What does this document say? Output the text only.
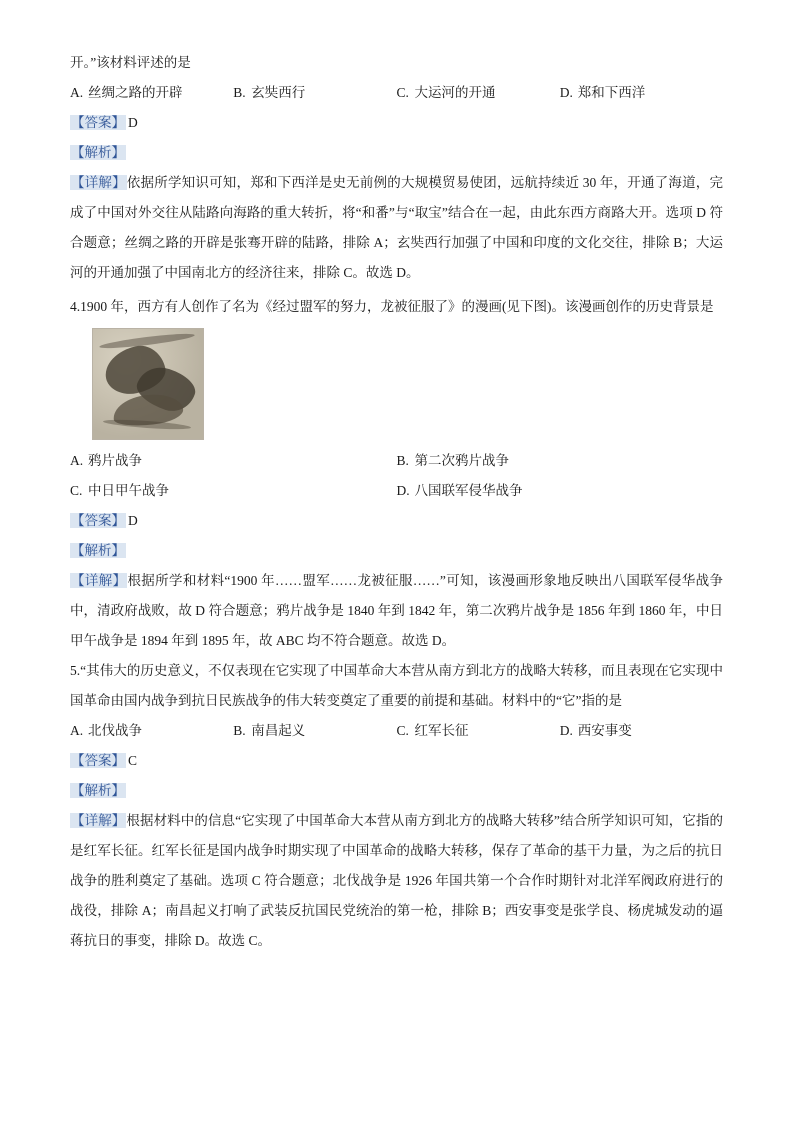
开。”该材料评述的是
A. 丝绸之路的开辟	B. 玄奘西行	C. 大运河的开通	D. 郑和下西洋
【答案】 D
【解析】
【详解】依据所学知识可知，郑和下西洋是史无前例的大规模贸易使团，远航持续近 30 年，开通了海道，完成了中国对外交往从陆路向海路的重大转折，将“和番”与“取宝”结合在一起，由此东西方商路大开。选项 D 符合题意；丝绸之路的开辟是张骞开辟的陆路，排除 A；玄奘西行加强了中国和印度的文化交往，排除 B；大运河的开通加强了中国南北方的经济往来，排除 C。故选 D。
4.1900 年，西方有人创作了名为《经过盟军的努力，龙被征服了》的漫画(见下图)。该漫画创作的历史背景是
A. 鸦片战争	B. 第二次鸦片战争
C. 中日甲午战争	D. 八国联军侵华战争
【答案】 D
【解析】
【详解】根据所学和材料“1900 年……盟军……龙被征服……”可知，该漫画形象地反映出八国联军侵华战争中，清政府战败，故 D 符合题意；鸦片战争是 1840 年到 1842 年，第二次鸦片战争是 1856 年到 1860 年，中日甲午战争是 1894 年到 1895 年，故 ABC 均不符合题意。故选 D。
5.“其伟大的历史意义，不仅表现在它实现了中国革命大本营从南方到北方的战略大转移，而且表现在它实现中国革命由国内战争到抗日民族战争的伟大转变奠定了重要的前提和基础。材料中的“它”指的是
A. 北伐战争	B. 南昌起义	C. 红军长征	D. 西安事变
【答案】 C
【解析】
【详解】根据材料中的信息“它实现了中国革命大本营从南方到北方的战略大转移”结合所学知识可知，它指的是红军长征。红军长征是国内战争时期实现了中国革命的战略大转移，保存了革命的基干力量，为之后的抗日战争的胜利奠定了基础。选项 C 符合题意；北伐战争是 1926 年国共第一个合作时期针对北洋军阀政府进行的战役，排除 A；南昌起义打响了武装反抗国民党统治的第一枪，排除 B；西安事变是张学良、杨虎城发动的逼蒋抗日的事变，排除 D。故选 C。
